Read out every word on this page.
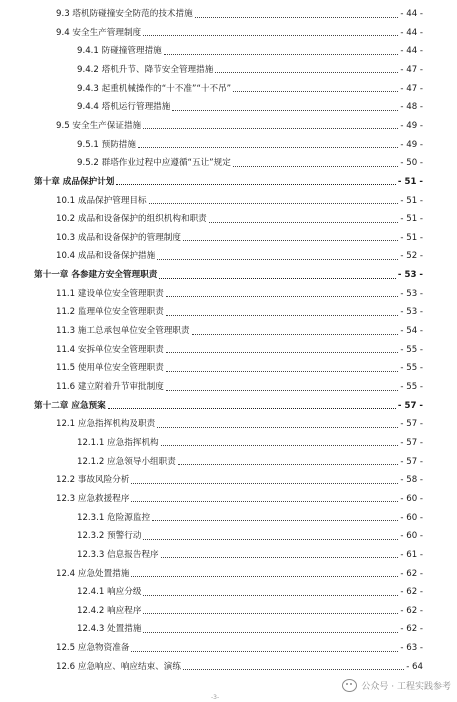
9.3 塔机防碰撞安全防范的技术措施	- 44 -
9.4 安全生产管理制度	- 44 -
9.4.1 防碰撞管理措施	- 44 -
9.4.2 塔机升节、降节安全管理措施	- 47 -
9.4.3 起重机械操作的“十不准”“十不吊”	- 47 -
9.4.4 塔机运行管理措施	- 48 -
9.5 安全生产保证措施	- 49 -
9.5.1 预防措施	- 49 -
9.5.2 群塔作业过程中应遵循“五让”规定	- 50 -
第十章 成品保护计划	- 51 -
10.1 成品保护管理目标	- 51 -
10.2 成品和设备保护的组织机构和职责	- 51 -
10.3 成品和设备保护的管理制度	- 51 -
10.4 成品和设备保护措施	- 52 -
第十一章 各参建方安全管理职责	- 53 -
11.1 建设单位安全管理职责	- 53 -
11.2 监理单位安全管理职责	- 53 -
11.3 施工总承包单位安全管理职责	- 54 -
11.4 安拆单位安全管理职责	- 55 -
11.5 使用单位安全管理职责	- 55 -
11.6 建立附着升节审批制度	- 55 -
第十二章 应急预案	- 57 -
12.1 应急指挥机构及职责	- 57 -
12.1.1 应急指挥机构	- 57 -
12.1.2 应急领导小组职责	- 57 -
12.2 事故风险分析	- 58 -
12.3 应急救援程序	- 60 -
12.3.1 危险源监控	- 60 -
12.3.2 预警行动	- 60 -
12.3.3 信息报告程序	- 61 -
12.4 应急处置措施	- 62 -
12.4.1 响应分级	- 62 -
12.4.2 响应程序	- 62 -
12.4.3 处置措施	- 62 -
12.5 应急物资准备	- 63 -
12.6 应急响应、响应结束、演练	- 64
-3-
公众号 · 工程实践参考
